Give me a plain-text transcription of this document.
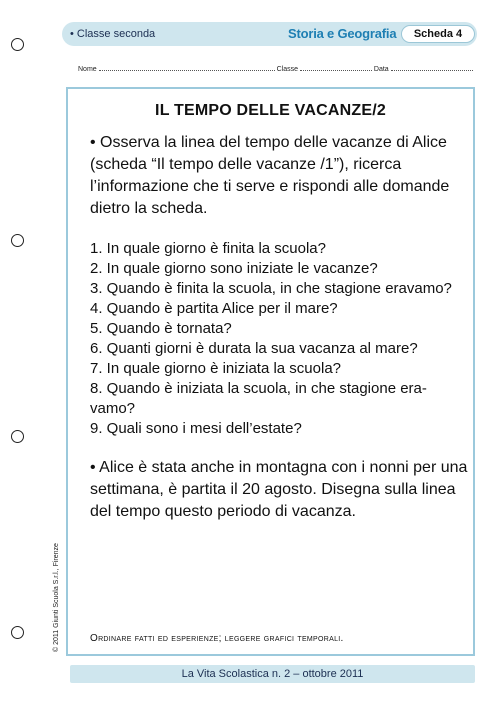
• Classe seconda	Storia e Geografia	Scheda 4
Nome	Classe	Data
IL TEMPO DELLE VACANZE/2
• Osserva la linea del tempo delle vacanze di Alice (scheda “Il tempo delle vacanze /1”), ricerca l’informazione che ti serve e rispondi alle domande dietro la scheda.
1. In quale giorno è finita la scuola?
2. In quale giorno sono iniziate le vacanze?
3. Quando è finita la scuola, in che stagione eravamo?
4. Quando è partita Alice per il mare?
5. Quando è tornata?
6. Quanti giorni è durata la sua vacanza al mare?
7. In quale giorno è iniziata la scuola?
8. Quando è iniziata la scuola, in che stagione era- vamo?
9. Quali sono i mesi dell’estate?
• Alice è stata anche in montagna con i nonni per una settimana, è partita il 20 agosto. Disegna sulla linea del tempo questo periodo di vacanza.
Ordinare fatti ed esperienze; leggere grafici temporali.
© 2011 Giunti Scuola S.r.l., Firenze
La Vita Scolastica n. 2 – ottobre 2011
